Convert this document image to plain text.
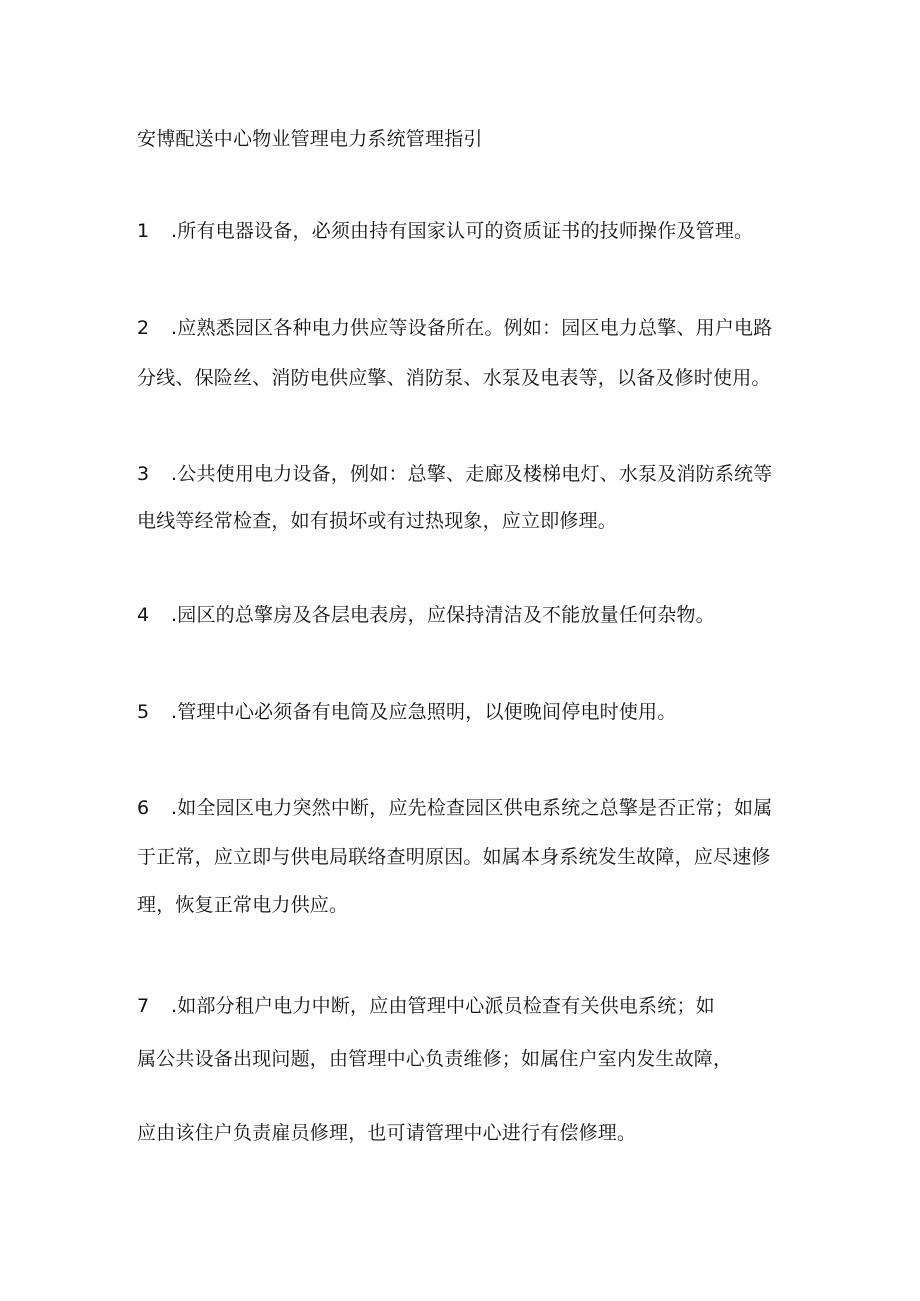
安博配送中心物业管理电力系统管理指引
1 .所有电器设备，必须由持有国家认可的资质证书的技师操作及管理。
2 .应熟悉园区各种电力供应等设备所在。例如：园区电力总擎、用户电路
分线、保险丝、消防电供应擎、消防泵、水泵及电表等，以备及修时使用。
3 .公共使用电力设备，例如：总擎、走廊及楼梯电灯、水泵及消防系统等
电线等经常检查，如有损坏或有过热现象，应立即修理。
4 .园区的总擎房及各层电表房，应保持清洁及不能放量任何杂物。
5 .管理中心必须备有电筒及应急照明，以便晚间停电时使用。
6 .如全园区电力突然中断，应先检查园区供电系统之总擎是否正常；如属
于正常，应立即与供电局联络查明原因。如属本身系统发生故障，应尽速修
理，恢复正常电力供应。
7 .如部分租户电力中断，应由管理中心派员检查有关供电系统；如
属公共设备出现问题，由管理中心负责维修；如属住户室内发生故障，
应由该住户负责雇员修理，也可请管理中心进行有偿修理。
